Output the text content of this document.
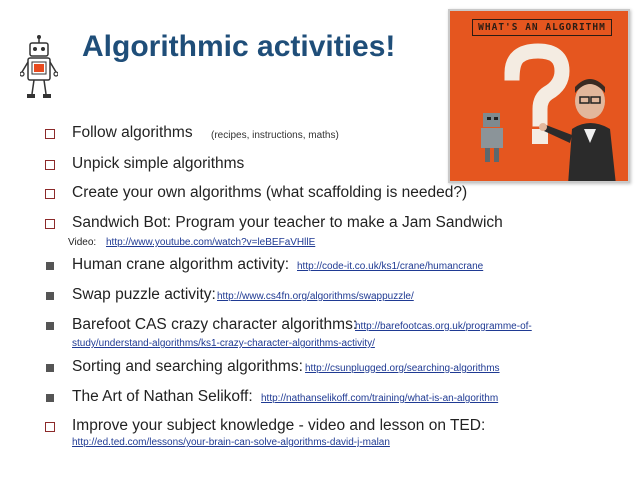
Algorithmic activities!
WHAT'S AN ALGORITHM
Follow algorithms (recipes, instructions, maths)
Unpick simple algorithms
Create your own algorithms (what scaffolding is needed?)
Sandwich Bot: Program your teacher to make a Jam Sandwich
Video: http://www.youtube.com/watch?v=leBEFaVHllE
Human crane algorithm activity: http://code-it.co.uk/ks1/crane/humancrane
Swap puzzle activity: http://www.cs4fn.org/algorithms/swappuzzle/
Barefoot CAS crazy character algorithms:
http://barefootcas.org.uk/programme-of-
study/understand-algorithms/ks1-crazy-character-algorithms-activity/
Sorting and searching algorithms: http://csunplugged.org/searching-algorithms
The Art of Nathan Selikoff: http://nathanselikoff.com/training/what-is-an-algorithm
Improve your subject knowledge - video and lesson on TED:
http://ed.ted.com/lessons/your-brain-can-solve-algorithms-david-j-malan
